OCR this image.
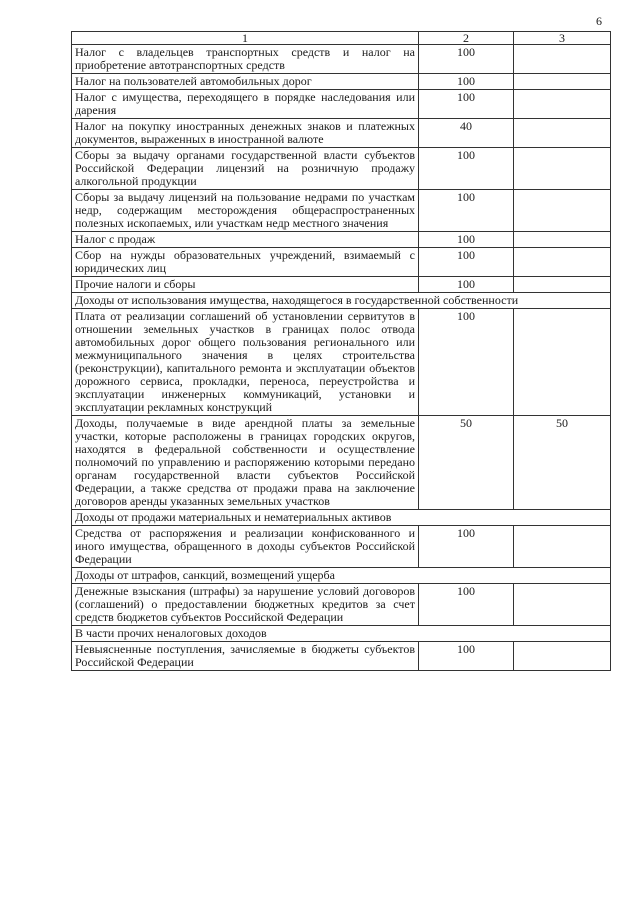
6
1	2	3
Налог с владельцев транспортных средств и налог на приобретение автотранспортных средств	100	
Налог на пользователей автомобильных дорог	100	
Налог с имущества, переходящего в порядке наследования или дарения	100	
Налог на покупку иностранных денежных знаков и платежных документов, выраженных в иностранной валюте	40	
Сборы за выдачу органами государственной власти субъектов Российской Федерации лицензий на розничную продажу алкогольной продукции	100	
Сборы за выдачу лицензий на пользование недрами по участкам недр, содержащим месторождения общераспространенных полезных ископаемых, или участкам недр местного значения	100	
Налог с продаж	100	
Сбор на нужды образовательных учреждений, взимаемый с юридических лиц	100	
Прочие налоги и сборы	100	
Доходы от использования имущества, находящегося в государственной собственности		
Плата от реализации соглашений об установлении сервитутов в отношении земельных участков в границах полос отвода автомобильных дорог общего пользования регионального или межмуниципального значения в целях строительства (реконструкции), капитального ремонта и эксплуатации объектов дорожного сервиса, прокладки, переноса, переустройства и эксплуатации инженерных коммуникаций, установки и эксплуатации рекламных конструкций	100	
Доходы, получаемые в виде арендной платы за земельные участки, которые расположены в границах городских округов, находятся в федеральной собственности и осуществление полномочий по управлению и распоряжению которыми передано органам государственной власти субъектов Российской Федерации, а также средства от продажи права на заключение договоров аренды указанных земельных участков	50	50
Доходы от продажи материальных и нематериальных активов		
Средства от распоряжения и реализации конфискованного и иного имущества, обращенного в доходы субъектов Российской Федерации	100	
Доходы от штрафов, санкций, возмещений ущерба		
Денежные взыскания (штрафы) за нарушение условий договоров (соглашений) о предоставлении бюджетных кредитов за счет средств бюджетов субъектов Российской Федерации	100	
В части прочих неналоговых доходов		
Невыясненные поступления, зачисляемые в бюджеты субъектов Российской Федерации	100	
